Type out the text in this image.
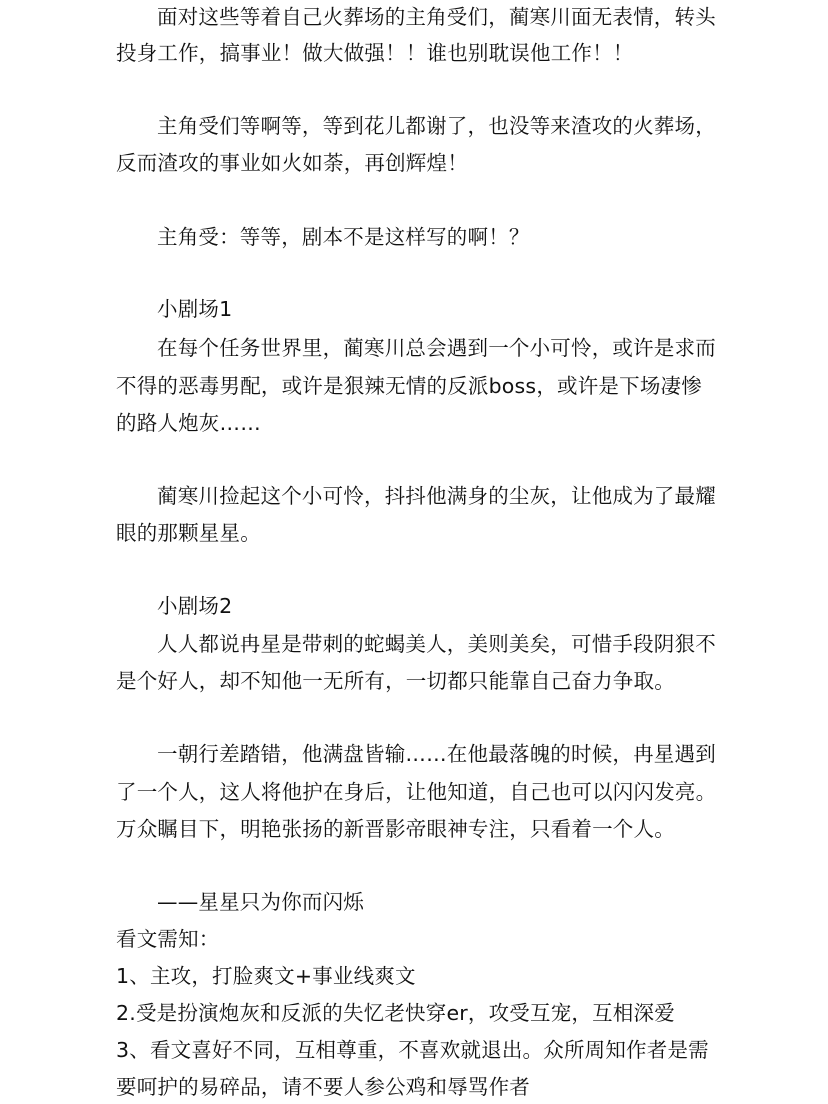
面对这些等着自己火葬场的主角受们，蔺寒川面无表情，转头
投身工作，搞事业！做大做强！！谁也别耽误他工作！！
主角受们等啊等，等到花儿都谢了，也没等来渣攻的火葬场，
反而渣攻的事业如火如荼，再创辉煌！
主角受：等等，剧本不是这样写的啊！？
小剧场1
在每个任务世界里，蔺寒川总会遇到一个小可怜，或许是求而
不得的恶毒男配，或许是狠辣无情的反派boss，或许是下场凄惨
的路人炮灰……
蔺寒川捡起这个小可怜，抖抖他满身的尘灰，让他成为了最耀
眼的那颗星星。
小剧场2
人人都说冉星是带刺的蛇蝎美人，美则美矣，可惜手段阴狠不
是个好人，却不知他一无所有，一切都只能靠自己奋力争取。
一朝行差踏错，他满盘皆输……在他最落魄的时候，冉星遇到
了一个人，这人将他护在身后，让他知道，自己也可以闪闪发亮。
万众瞩目下，明艳张扬的新晋影帝眼神专注，只看着一个人。
——星星只为你而闪烁
看文需知：
1、主攻，打脸爽文+事业线爽文
2.受是扮演炮灰和反派的失忆老快穿er，攻受互宠，互相深爱
3、看文喜好不同，互相尊重，不喜欢就退出。众所周知作者是需
要呵护的易碎品，请不要人参公鸡和辱骂作者
